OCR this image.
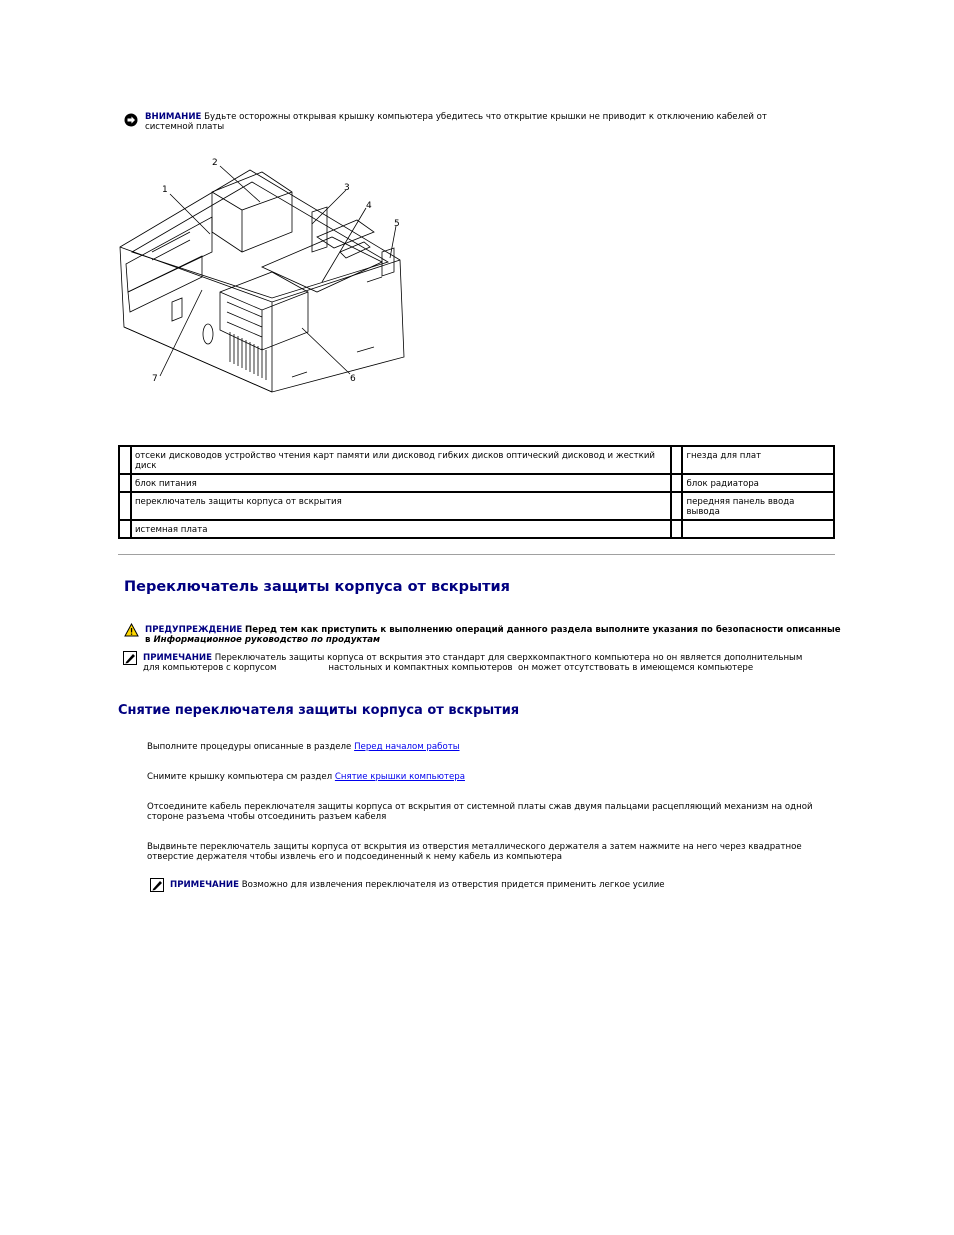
ВНИМАНИЕ Будьте осторожны открывая крышку компьютера убедитесь что открытие крышки не приводит к отключению кабелей от
системной платы
1
2
3
4
5
6
7
	отсеки дисководов устройство чтения карт памяти или дисковод гибких дисков оптический дисковод и жесткий диск		гнезда для плат
	блок питания		блок радиатора
	переключатель защиты корпуса от вскрытия		передняя панель ввода вывода
	истемная плата		
Переключатель защиты корпуса от вскрытия
ПРЕДУПРЕЖДЕНИЕ Перед тем как приступить к выполнению операций данного раздела выполните указания по безопасности описанные
в Информационное руководство по продуктам
ПРИМЕЧАНИЕ Переключатель защиты корпуса от вскрытия это стандарт для сверхкомпактного компьютера но он является дополнительным
для компьютеров с корпусом                   настольных и компактных компьютеров  он может отсутствовать в имеющемся компьютере
Снятие переключателя защиты корпуса от вскрытия
Выполните процедуры описанные в разделе Перед началом работы
Снимите крышку компьютера см раздел Снятие крышки компьютера
Отсоедините кабель переключателя защиты корпуса от вскрытия от системной платы сжав двумя пальцами расцепляющий механизм на одной
стороне разъема чтобы отсоединить разъем кабеля
Выдвиньте переключатель защиты корпуса от вскрытия из отверстия металлического держателя а затем нажмите на него через квадратное
отверстие держателя чтобы извлечь его и подсоединенный к нему кабель из компьютера
ПРИМЕЧАНИЕ Возможно для извлечения переключателя из отверстия придется применить легкое усилие
